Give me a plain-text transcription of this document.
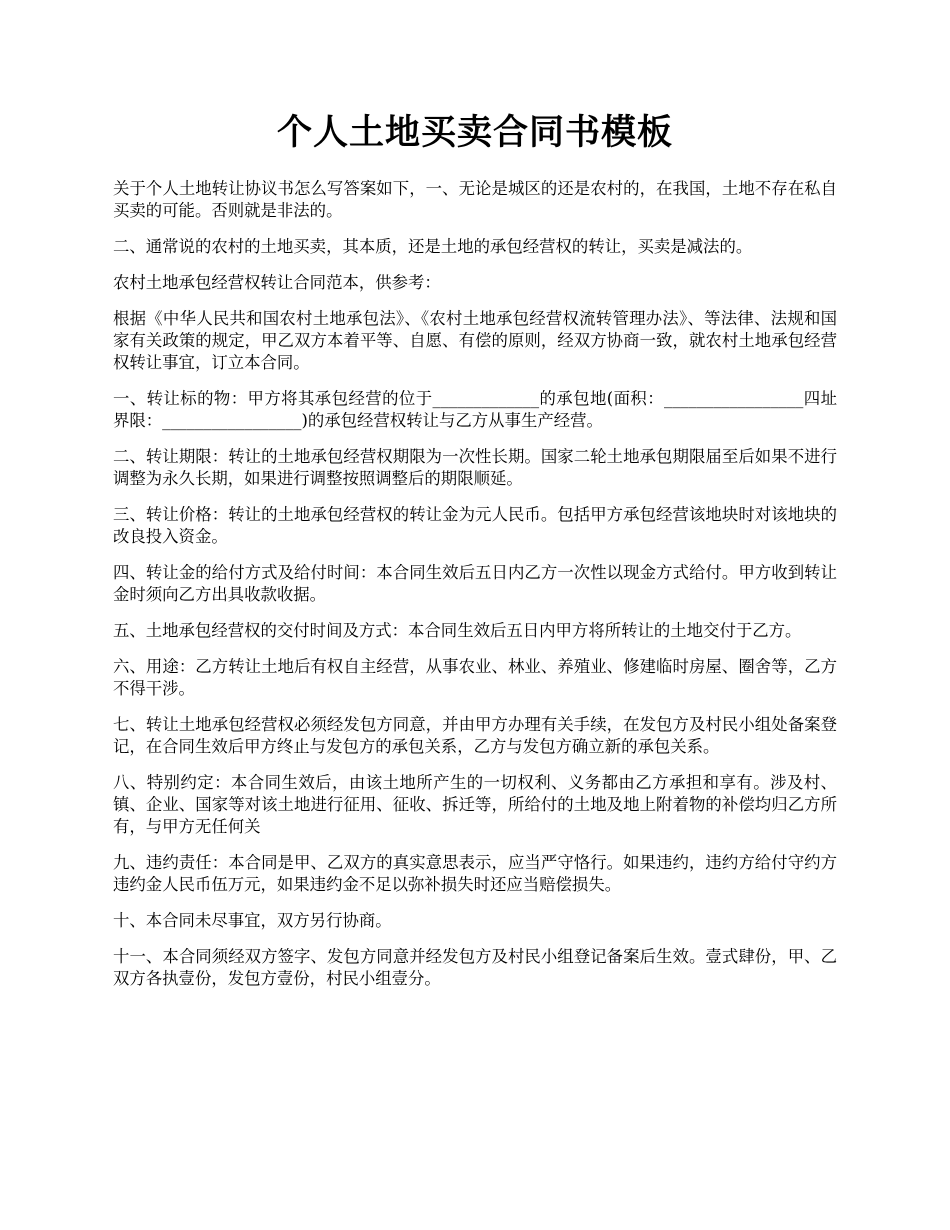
个人土地买卖合同书模板

关于个人土地转让协议书怎么写答案如下，一、无论是城区的还是农村的，在我国，土地不存在私自买卖的可能。否则就是非法的。

二、通常说的农村的土地买卖，其本质，还是土地的承包经营权的转让，买卖是减法的。

农村土地承包经营权转让合同范本，供参考：

根据《中华人民共和国农村土地承包法》、《农村土地承包经营权流转管理办法》、等法律、法规和国家有关政策的规定，甲乙双方本着平等、自愿、有偿的原则，经双方协商一致，就农村土地承包经营权转让事宜，订立本合同。

一、转让标的物：甲方将其承包经营的位于_____________的承包地(面积：_________________四址界限：_________________)的承包经营权转让与乙方从事生产经营。

二、转让期限：转让的土地承包经营权期限为一次性长期。国家二轮土地承包期限届至后如果不进行调整为永久长期，如果进行调整按照调整后的期限顺延。

三、转让价格：转让的土地承包经营权的转让金为元人民币。包括甲方承包经营该地块时对该地块的改良投入资金。

四、转让金的给付方式及给付时间：本合同生效后五日内乙方一次性以现金方式给付。甲方收到转让金时须向乙方出具收款收据。

五、土地承包经营权的交付时间及方式：本合同生效后五日内甲方将所转让的土地交付于乙方。

六、用途：乙方转让土地后有权自主经营，从事农业、林业、养殖业、修建临时房屋、圈舍等，乙方不得干涉。

七、转让土地承包经营权必须经发包方同意，并由甲方办理有关手续，在发包方及村民小组处备案登记，在合同生效后甲方终止与发包方的承包关系，乙方与发包方确立新的承包关系。

八、特别约定：本合同生效后，由该土地所产生的一切权利、义务都由乙方承担和享有。涉及村、镇、企业、国家等对该土地进行征用、征收、拆迁等，所给付的土地及地上附着物的补偿均归乙方所有，与甲方无任何关

九、违约责任：本合同是甲、乙双方的真实意思表示，应当严守恪行。如果违约，违约方给付守约方违约金人民币伍万元，如果违约金不足以弥补损失时还应当赔偿损失。

十、本合同未尽事宜，双方另行协商。

十一、本合同须经双方签字、发包方同意并经发包方及村民小组登记备案后生效。壹式肆份，甲、乙双方各执壹份，发包方壹份，村民小组壹分。
